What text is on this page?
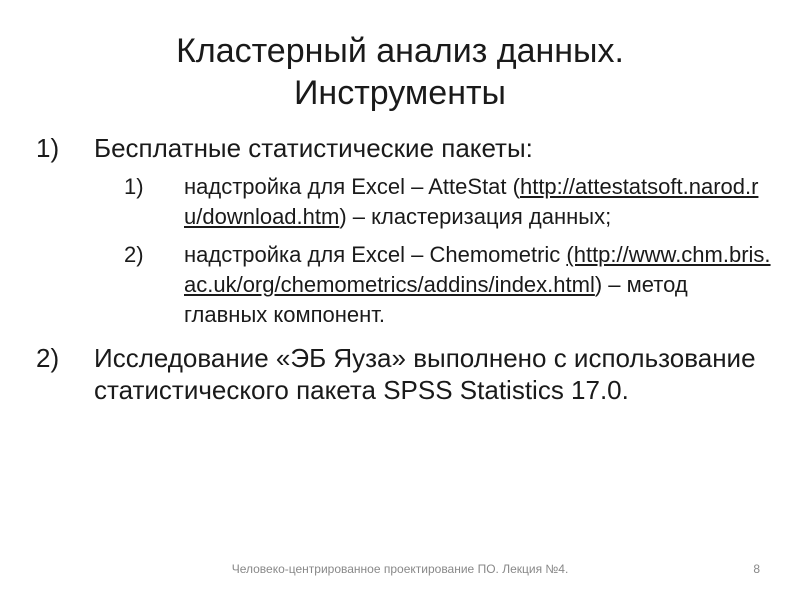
Кластерный анализ данных.
Инструменты
1) Бесплатные статистические пакеты:
1) надстройка для Excel – AtteStat (http://attestatsoft.narod.ru/download.htm) – кластеризация данных;
2) надстройка для Excel – Chemometric (http://www.chm.bris.ac.uk/org/chemometrics/addins/index.html) – метод главных компонент.
2) Исследование «ЭБ Яуза» выполнено с использование статистического пакета SPSS Statistics 17.0.
Человеко-центрированное проектирование ПО. Лекция №4.	8
